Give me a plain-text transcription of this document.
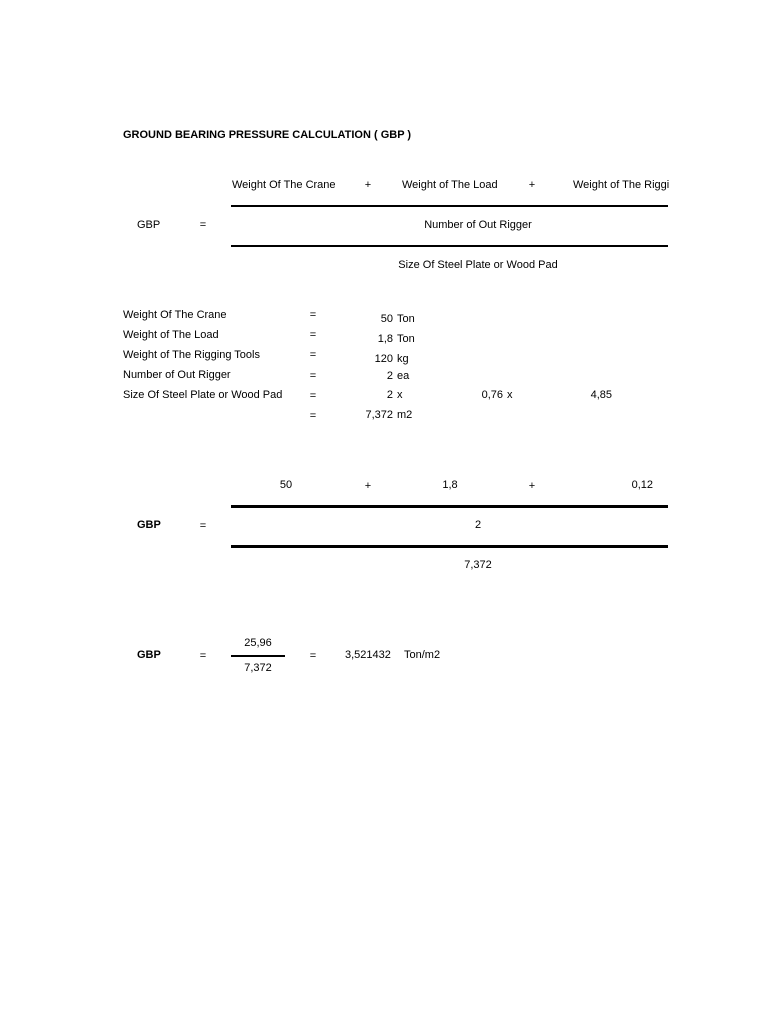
GROUND BEARING PRESSURE CALCULATION ( GBP )
Weight Of The Crane	+	Weight of The Load	+	Weight of The Riggi
GBP	=	Number of Out Rigger
Size Of Steel Plate or Wood Pad
Weight Of The Crane	=	50 Ton
Weight of The Load	=	1,8 Ton
Weight of The Rigging Tools	=	120 kg
Number of Out Rigger	=	2 ea
Size Of Steel Plate or Wood Pad =	2 x	0,76 x	4,85
=	7,372 m2
50	+	1,8	+	0,12
GBP	=	2
7,372
25,96
GBP	=	=	3,521432 Ton/m2
7,372
